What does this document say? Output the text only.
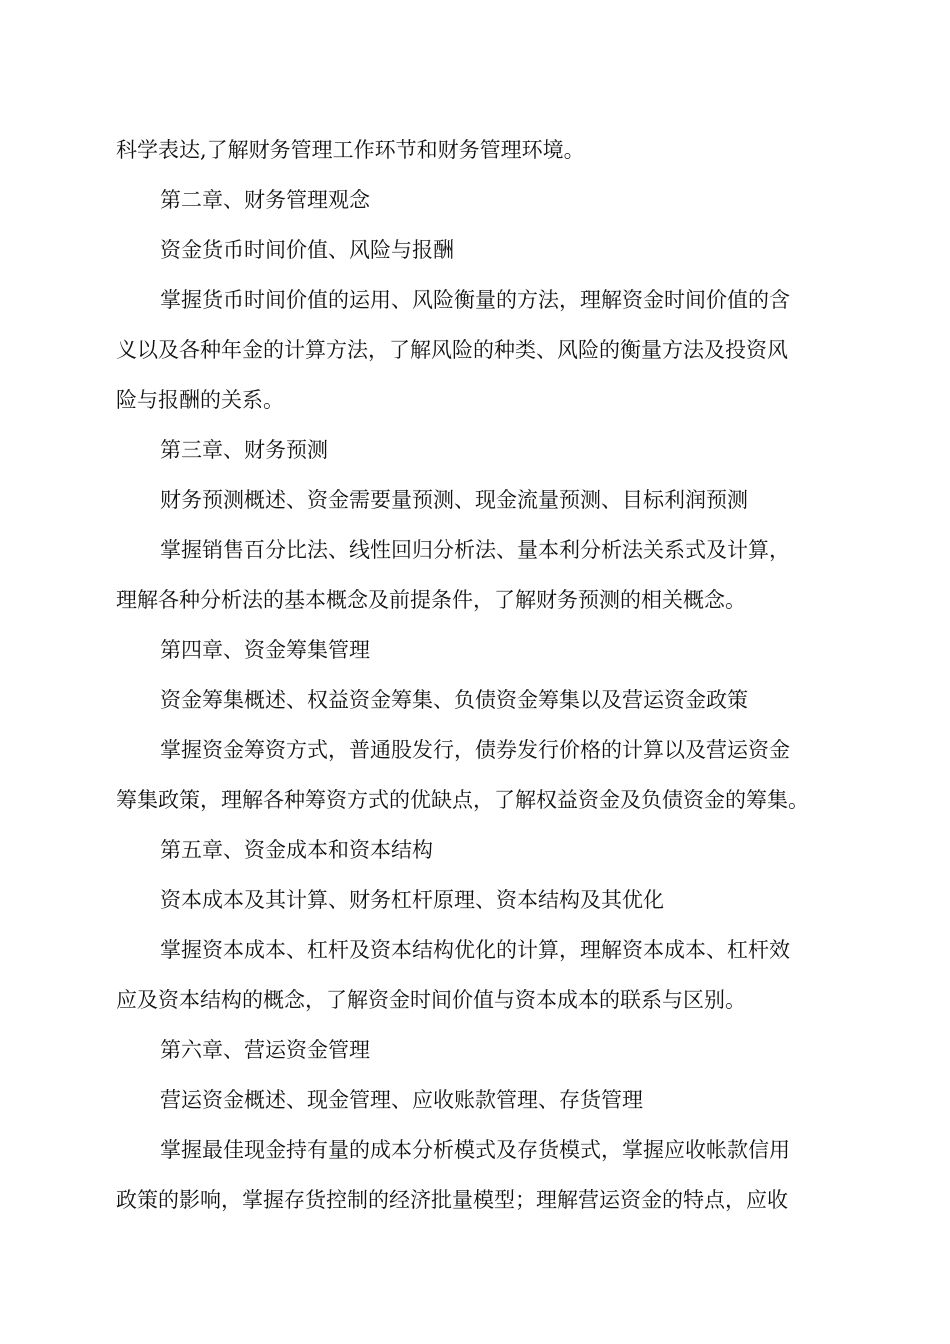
科学表达,了解财务管理工作环节和财务管理环境。
第二章、财务管理观念
资金货币时间价值、风险与报酬
掌握货币时间价值的运用、风险衡量的方法，理解资金时间价值的含
义以及各种年金的计算方法，了解风险的种类、风险的衡量方法及投资风
险与报酬的关系。
第三章、财务预测
财务预测概述、资金需要量预测、现金流量预测、目标利润预测
掌握销售百分比法、线性回归分析法、量本利分析法关系式及计算，
理解各种分析法的基本概念及前提条件，了解财务预测的相关概念。
第四章、资金筹集管理
资金筹集概述、权益资金筹集、负债资金筹集以及营运资金政策
掌握资金筹资方式，普通股发行，债券发行价格的计算以及营运资金
筹集政策，理解各种筹资方式的优缺点，了解权益资金及负债资金的筹集。
第五章、资金成本和资本结构
资本成本及其计算、财务杠杆原理、资本结构及其优化
掌握资本成本、杠杆及资本结构优化的计算，理解资本成本、杠杆效
应及资本结构的概念，了解资金时间价值与资本成本的联系与区别。
第六章、营运资金管理
营运资金概述、现金管理、应收账款管理、存货管理
掌握最佳现金持有量的成本分析模式及存货模式，掌握应收帐款信用
政策的影响，掌握存货控制的经济批量模型；理解营运资金的特点，应收
